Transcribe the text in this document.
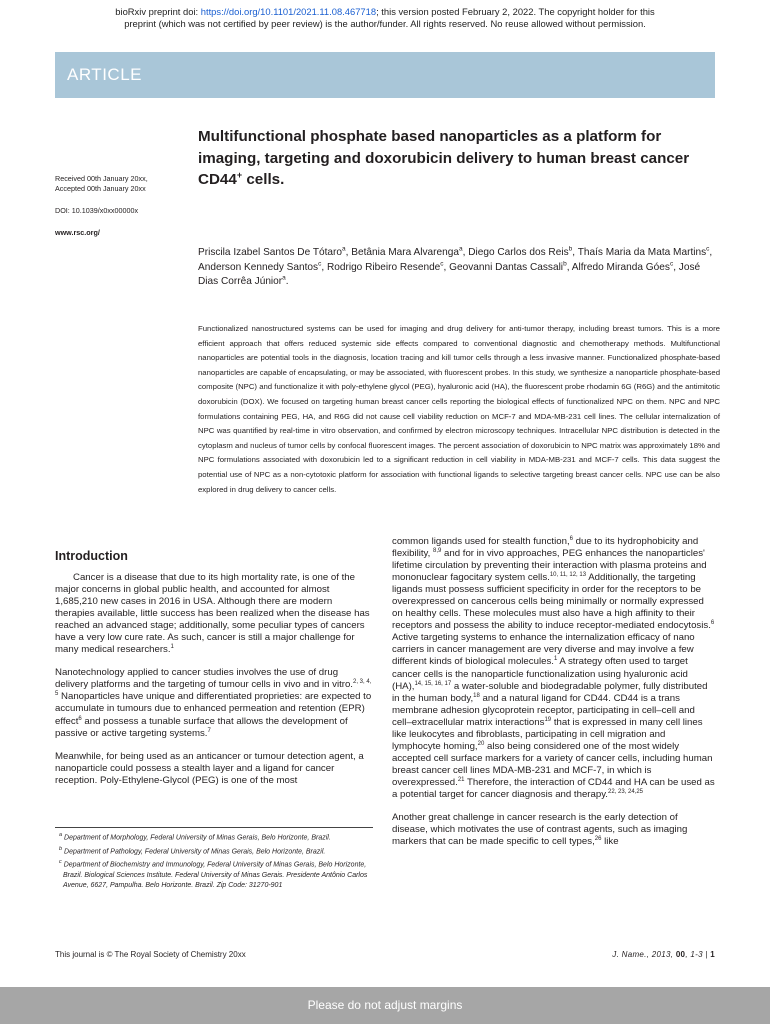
bioRxiv preprint doi: https://doi.org/10.1101/2021.11.08.467718; this version posted February 2, 2022. The copyright holder for this
preprint (which was not certified by peer review) is the author/funder. All rights reserved. No reuse allowed without permission.
ARTICLE
Multifunctional phosphate based nanoparticles as a platform for imaging, targeting and doxorubicin delivery to human breast cancer CD44+ cells.
Received 00th January 20xx,
Accepted 00th January 20xx
DOI: 10.1039/x0xx00000x
www.rsc.org/
Priscila Izabel Santos De Tótaro$^a$, Betânia Mara Alvarenga$^a$, Diego Carlos dos Reis$^b$, Thaís Maria da Mata Martins$^c$, Anderson Kennedy Santos$^c$, Rodrigo Ribeiro Resende$^c$, Geovanni Dantas Cassali$^b$, Alfredo Miranda Góes$^c$, José Dias Corrêa Júnior$^a$.
Functionalized nanostructured systems can be used for imaging and drug delivery for anti-tumor therapy, including breast tumors. This is a more efficient approach that offers reduced systemic side effects compared to conventional diagnostic and chemotherapy methods. Multifunctional nanoparticles are potential tools in the diagnosis, location tracing and kill tumor cells through a less invasive manner. Functionalized phosphate-based nanoparticles are capable of encapsulating, or may be associated, with fluorescent probes. In this study, we synthesize a nanoparticle phosphate-based composite (NPC) and functionalize it with poly-ethylene glycol (PEG), hyaluronic acid (HA), the fluorescent probe rhodamin 6G (R6G) and the antimitotic doxorubicin (DOX). We focused on targeting human breast cancer cells reporting the biological effects of functionalized NPC on them. NPC and NPC formulations containing PEG, HA, and R6G did not cause cell viability reduction on MCF-7 and MDA-MB-231 cell lines. The cellular internalization of NPC was quantified by real-time in vitro observation, and confirmed by electron microscopy techniques. Intracellular NPC distribution is detected in the cytoplasm and nucleus of tumor cells by confocal fluorescent images. The percent association of doxorubicin to NPC matrix was approximately 18% and NPC formulations associated with doxorubicin led to a significant reduction in cell viability in MDA-MB-231 and MCF-7 cells. This data suggest the potential use of NPC as a non-cytotoxic platform for association with functional ligands to selective targeting breast cancer cells. NPC use can be also explored in drug delivery to cancer cells.
Introduction

Cancer is a disease that due to its high mortality rate, is one of the major concerns in global public health, and accounted for almost 1,685,210 new cases in 2016 in USA. Although there are modern therapies available, little success has been realized when the disease has reached an advanced stage; additionally, some peculiar types of cancers have a very low cure rate. As such, cancer is still a major challenge for many medical researchers.$^1$

Nanotechnology applied to cancer studies involves the use of drug delivery platforms and the targeting of tumour cells in vivo and in vitro.$^{2, 3, 4, 5}$ Nanoparticles have unique and differentiated proprieties: are expected to accumulate in tumours due to enhanced permeation and retention (EPR) effect$^6$ and possess a tunable surface that allows the development of passive or active targeting systems.$^7$

Meanwhile, for being used as an anticancer or tumour detection agent, a nanoparticle could possess a stealth layer and a ligand for cancer reception. Poly-Ethylene-Glycol (PEG) is one of the most

common ligands used for stealth function,$^6$ due to its hydrophobicity and flexibility, $^{8,9}$ and for in vivo approaches, PEG enhances the nanoparticles' lifetime circulation by preventing their interaction with plasma proteins and mononuclear fagocitary system cells.$^{10, 11, 12, 13}$ Additionally, the targeting ligands must possess sufficient specificity in order for the receptors to be overexpressed on cancerous cells being minimally or normally expressed on healthy cells. These molecules must also have a high affinity to their receptors and possess the ability to induce receptor-mediated endocytosis.$^6$ Active targeting systems to enhance the internalization efficacy of nano carriers in cancer management are very diverse and may involve a few different kinds of biological molecules.$^1$ A strategy often used to target cancer cells is the nanoparticle functionalization using hyaluronic acid (HA),$^{14, 15, 16, 17}$ a water-soluble and biodegradable polymer, fully distributed in the human body,$^{18}$ and a natural ligand for CD44. CD44 is a trans membrane adhesion glycoprotein receptor, participating in cell–cell and cell–extracellular matrix interactions$^{19}$ that is expressed in many cell lines like leukocytes and fibroblasts, participating in cell migration and lymphocyte homing,$^{20}$ also being considered one of the most widely accepted cell surface markers for a variety of cancer cells, including human breast cancer cell lines MDA-MB-231 and MCF-7, in which is overexpressed.$^{21}$ Therefore, the interaction of CD44 and HA can be used as a potential target for cancer diagnosis and therapy.$^{22, 23, 24,25}$

Another great challenge in cancer research is the early detection of disease, which motivates the use of contrast agents, such as imaging markers that can be made specific to cell types,$^{26}$ like

$^a$ Department of Morphology, Federal University of Minas Gerais, Belo Horizonte, Brazil.
$^b$ Department of Pathology, Federal University of Minas Gerais, Belo Horizonte, Brazil.
$^c$ Department of Biochemistry and Immunology, Federal University of Minas Gerais, Belo Horizonte, Brazil. Biological Sciences Institute. Federal University of Minas Gerais. Presidente Antônio Carlos Avenue, 6627, Pampulha. Belo Horizonte. Brazil. Zip Code: 31270-901
This journal is © The Royal Society of Chemistry 20xx	J. Name., 2013, 00, 1-3 | 1
Please do not adjust margins
